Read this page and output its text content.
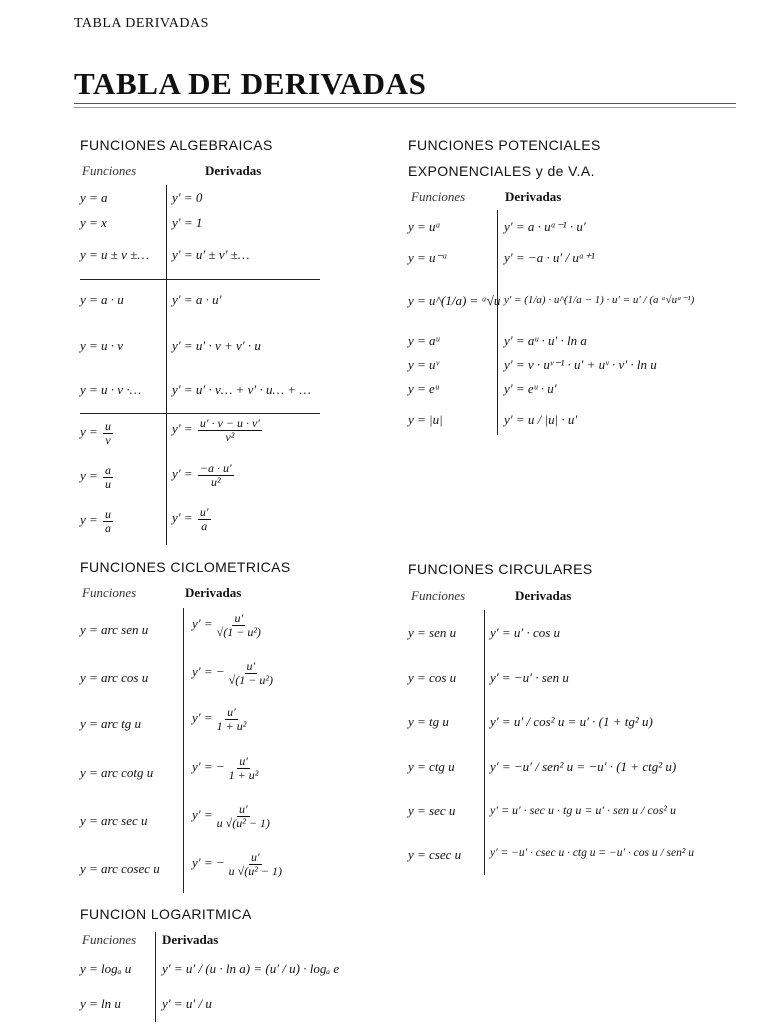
TABLA DERIVADAS
TABLA DE DERIVADAS
FUNCIONES ALGEBRAICAS
Funciones	Derivadas
y = a	y′ = 0
y = x	y′ = 1
y = u ± v ±… y′ = u′ ± v′ ±…
y = a · u	y′ = a · u′
y = u · v	y′ = u′ · v + v′ · u
y = u · v ·… y′ = u′ · v… + v′ · u… + …
$y = \frac{u}{v}$	$y' = \frac{u' \cdot v - u \cdot v'}{\text{v²}}$
$y = \frac{a}{u}$	$y' = \frac{-a \cdot u'}{\text{u²}}$
$y = \frac{u}{a}$	$y' = \frac{u'}{a}$
FUNCIONES POTENCIALES
EXPONENCIALES y de V.A.
Funciones	Derivadas
y = uᵃ	y′ = a · uᵃ⁻¹ · u′
y = u⁻ᵃ	y′ = −a · u′ / uᵃ⁺¹
y = u^(1/a) = ᵃ√u y′ = (1/a) · u^(1/a − 1) · u′ = u′ / (a ᵃ√uᵃ⁻¹)
y = aᵘ	y′ = aᵘ · u′ · ln a
y = uᵛ	y′ = v · uᵛ⁻¹ · u′ + uᵛ · v′ · ln u
y = eᵘ	y′ = eᵘ · u′
y = |u|	y′ = u / |u| · u′
FUNCIONES CICLOMETRICAS
Funciones	Derivadas
y = arc sen u	$y' = \frac{u'}{\text{√(1 − u²)}}$
y = arc cos u	y′ = − $\frac{u'}{\text{√(1 − u²)}}$
y = arc tg u	$y' = \frac{u'}{\text{1 + u²}}$
y = arc cotg u	y′ = − $\frac{u'}{\text{1 + u²}}$
y = arc sec u	$y' = \frac{u'}{\text{u √(u² − 1)}}$
y = arc cosec u y′ = − $\frac{u'}{\text{u √(u² − 1)}}$
FUNCIONES CIRCULARES
Funciones	Derivadas
y = sen u	y′ = u′ · cos u
y = cos u	y′ = −u′ · sen u
y = tg u	y′ = u′ / cos² u = u′ · (1 + tg² u)
y = ctg u	y′ = −u′ / sen² u = −u′ · (1 + ctg² u)
y = sec u	y′ = u′ · sec u · tg u = u′ · sen u / cos² u
y = csec u	y′ = −u′ · csec u · ctg u = −u′ · cos u / sen² u
FUNCION LOGARITMICA
Funciones Derivadas
y = logₐ u y′ = u′ / (u · ln a) = (u′ / u) · logₐ e
y = ln u	y′ = u′ / u
